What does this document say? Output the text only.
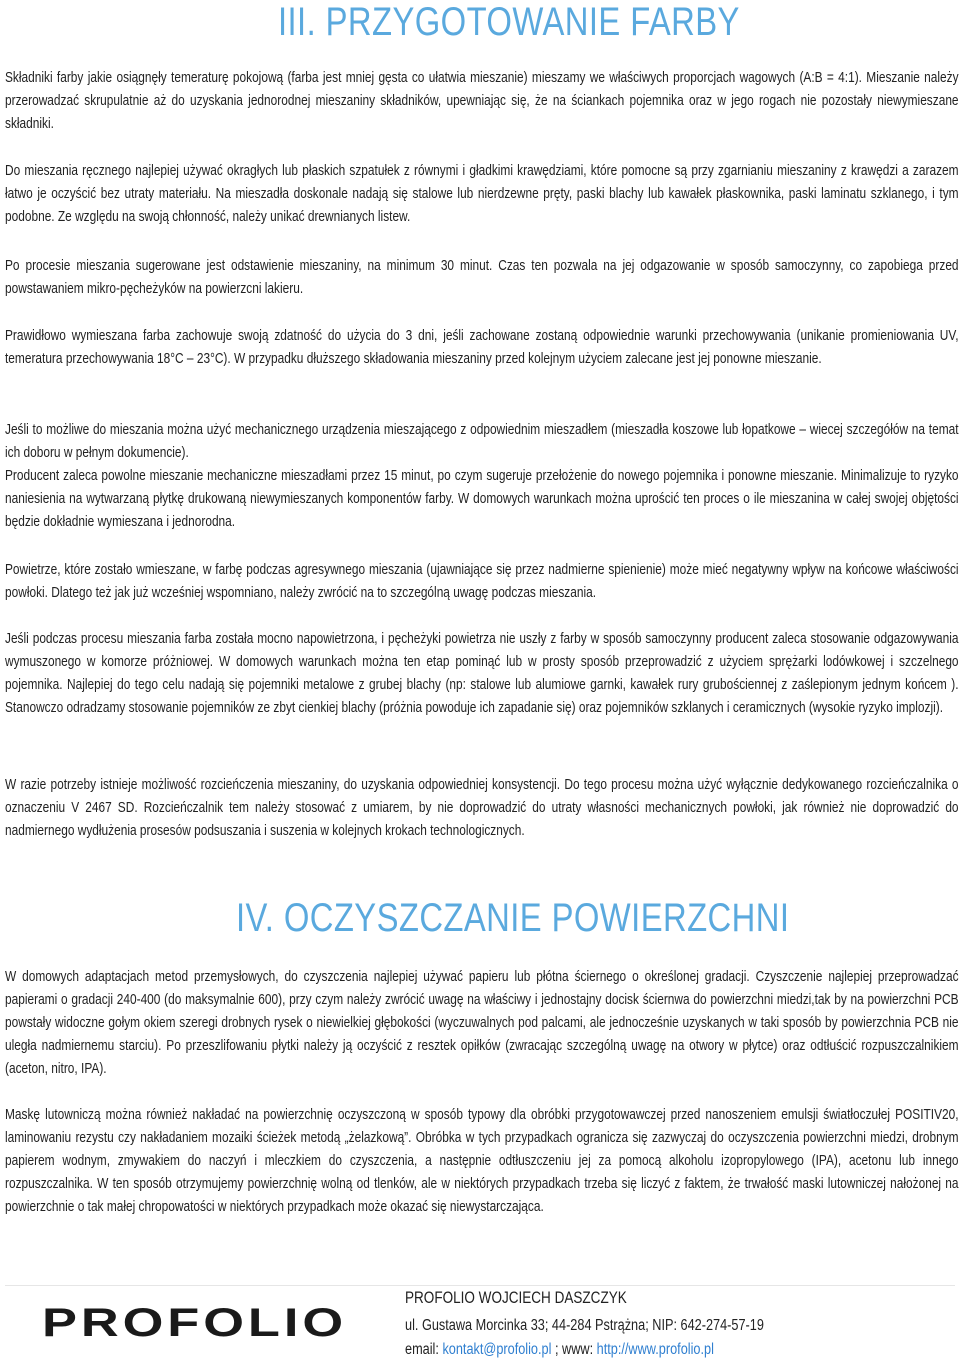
III. PRZYGOTOWANIE FARBY

Składniki farby jakie osiągnęły temeraturę pokojową (farba jest mniej gęsta co ułatwia mieszanie) mieszamy we właściwych proporcjach wagowych (A:B = 4:1). Mieszanie należy przerowadzać skrupulatnie aż do uzyskania jednorodnej mieszaniny składników, upewniając się, że na ściankach pojemnika oraz w jego rogach nie pozostały niewymieszane składniki.

Do mieszania ręcznego najlepiej używać okragłych lub płaskich szpatułek z równymi i gładkimi krawędziami, które pomocne są przy zgarnianiu mieszaniny z krawędzi a zarazem łatwo je oczyścić bez utraty materiału. Na mieszadła doskonale nadają się stalowe lub nierdzewne pręty, paski blachy lub kawałek płaskownika, paski laminatu szklanego, i tym podobne. Ze względu na swoją chłonność, należy unikać drewnianych listew.

Po procesie mieszania sugerowane jest odstawienie mieszaniny, na minimum 30 minut. Czas ten pozwala na jej odgazowanie w sposób samoczynny, co zapobiega przed powstawaniem mikro-pęcheżyków na powierzcni lakieru.

Prawidłowo wymieszana farba zachowuje swoją zdatność do użycia do 3 dni, jeśli zachowane zostaną odpowiednie warunki przechowywania (unikanie promieniowania UV, temeratura przechowywania 18°C – 23°C). W przypadku dłuższego składowania mieszaniny przed kolejnym użyciem zalecane jest jej ponowne mieszanie.

Jeśli to możliwe do mieszania można użyć mechanicznego urządzenia mieszającego z odpowiednim mieszadłem (mieszadła koszowe lub łopatkowe – wiecej szczegółów na temat ich doboru w pełnym dokumencie).

Producent zaleca powolne mieszanie mechaniczne mieszadłami przez 15 minut, po czym sugeruje przełożenie do nowego pojemnika i ponowne mieszanie. Minimalizuje to ryzyko naniesienia na wytwarzaną płytkę drukowaną niewymieszanych komponentów farby. W domowych warunkach można uprościć ten proces o ile mieszanina w całej swojej objętości będzie dokładnie wymieszana i jednorodna.

Powietrze, które zostało wmieszane, w farbę podczas agresywnego mieszania (ujawniające się przez nadmierne spienienie) może mieć negatywny wpływ na końcowe właściwości powłoki. Dlatego też jak już wcześniej wspomniano, należy zwrócić na to szczególną uwagę podczas mieszania.

Jeśli podczas procesu mieszania farba została mocno napowietrzona, i pęcheżyki powietrza nie uszły z farby w sposób samoczynny producent zaleca stosowanie odgazowywania wymuszonego w komorze próżniowej. W domowych warunkach można ten etap pominąć lub w prosty sposób przeprowadzić z użyciem sprężarki lodówkowej i szczelnego pojemnika. Najlepiej do tego celu nadają się pojemniki metalowe z grubej blachy (np: stalowe lub alumiowe garnki, kawałek rury grubościennej z zaślepionym jednym końcem ). Stanowczo odradzamy stosowanie pojemników ze zbyt cienkiej blachy (próżnia powoduje ich zapadanie się) oraz pojemników szklanych i ceramicznych (wysokie ryzyko implozji).

W razie potrzeby istnieje możliwość rozcieńczenia mieszaniny, do uzyskania odpowiedniej konsystencji. Do tego procesu można użyć wyłącznie dedykowanego rozcieńczalnika o oznaczeniu V 2467 SD. Rozcieńczalnik tem należy stosować z umiarem, by nie doprowadzić do utraty własności mechanicznych powłoki, jak również nie doprowadzić do nadmiernego wydłużenia prosesów podsuszania i suszenia w kolejnych krokach technologicznych.

IV. OCZYSZCZANIE POWIERZCHNI

W domowych adaptacjach metod przemysłowych, do czyszczenia najlepiej używać papieru lub płótna ściernego o określonej gradacji. Czyszczenie najlepiej przeprowadzać papierami o gradacji 240-400 (do maksymalnie 600), przy czym należy zwrócić uwagę na właściwy i jednostajny docisk ściernwa do powierzchni miedzi,tak by na powierzchni PCB powstały widoczne gołym okiem szeregi drobnych rysek o niewielkiej głębokości (wyczuwalnych pod palcami, ale jednocześnie uzyskanych w taki sposób by powierzchnia PCB nie uległa nadmiernemu starciu). Po przeszlifowaniu płytki należy ją oczyścić z resztek opiłków (zwracając szczególną uwagę na otwory w płytce) oraz odtłuścić rozpuszczalnikiem (aceton, nitro, IPA).

Maskę lutowniczą można również nakładać na powierzchnię oczyszczoną w sposób typowy dla obróbki przygotowawczej przed nanoszeniem emulsji światłoczułej POSITIV20, laminowaniu rezystu czy nakładaniem mozaiki ścieżek metodą „żelazkową”. Obróbka w tych przypadkach ogranicza się zazwyczaj do oczyszczenia powierzchni miedzi, drobnym papierem wodnym, zmywakiem do naczyń i mleczkiem do czyszczenia, a następnie odtłuszczeniu jej za pomocą alkoholu izopropylowego (IPA), acetonu lub innego rozpuszczalnika. W ten sposób otrzymujemy powierzchnię wolną od tlenków, ale w niektórych przypadkach trzeba się liczyć z faktem, że trwałość maski lutowniczej nałożonej na powierzchnie o tak małej chropowatości w niektórych przypadkach może okazać się niewystarczająca.

PROFOLIO

PROFOLIO WOJCIECH DASZCZYK

ul. Gustawa Morcinka 33; 44-284 Pstrążna; NIP: 642-274-57-19

email: kontakt@profolio.pl ; www: http://www.profolio.pl
